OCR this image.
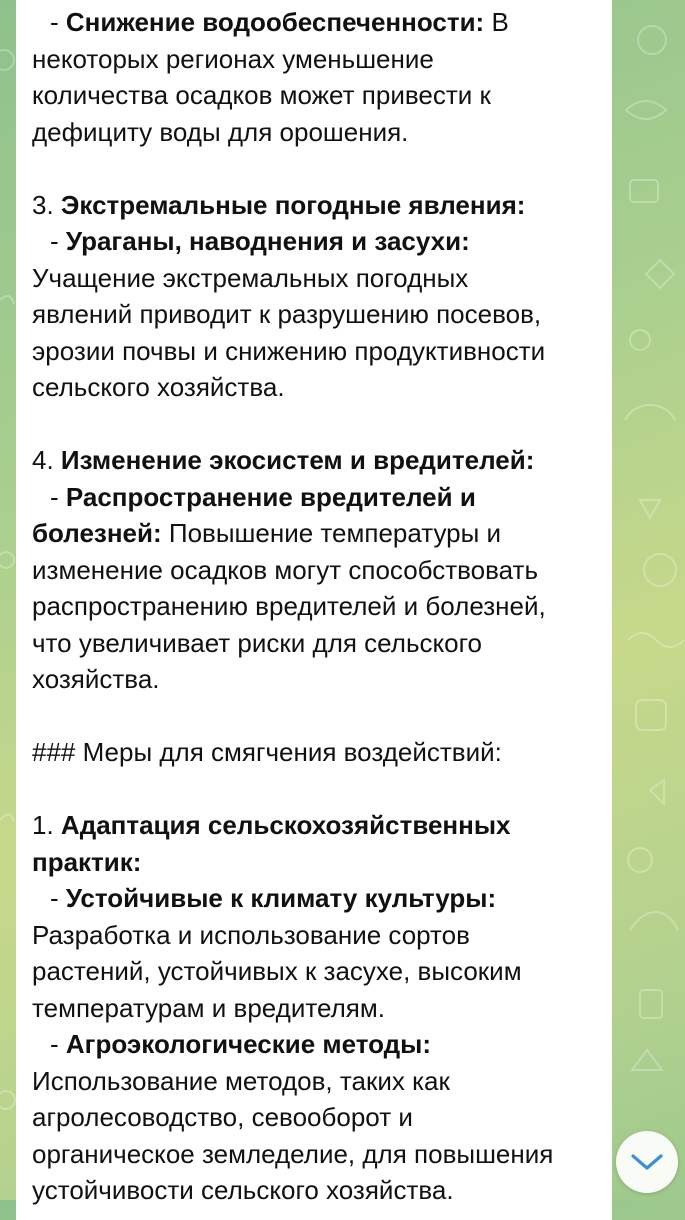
- Снижение водообеспеченности: В
некоторых регионах уменьшение
количества осадков может привести к
дефициту воды для орошения.
3. Экстремальные погодные явления:
- Ураганы, наводнения и засухи:
Учащение экстремальных погодных
явлений приводит к разрушению посевов,
эрозии почвы и снижению продуктивности
сельского хозяйства.
4. Изменение экосистем и вредителей:
- Распространение вредителей и
болезней: Повышение температуры и
изменение осадков могут способствовать
распространению вредителей и болезней,
что увеличивает риски для сельского
хозяйства.
### Меры для смягчения воздействий:
1. Адаптация сельскохозяйственных
практик:
- Устойчивые к климату культуры:
Разработка и использование сортов
растений, устойчивых к засухе, высоким
температурам и вредителям.
- Агроэкологические методы:
Использование методов, таких как
агролесоводство, севооборот и
органическое земледелие, для повышения
устойчивости сельского хозяйства.
